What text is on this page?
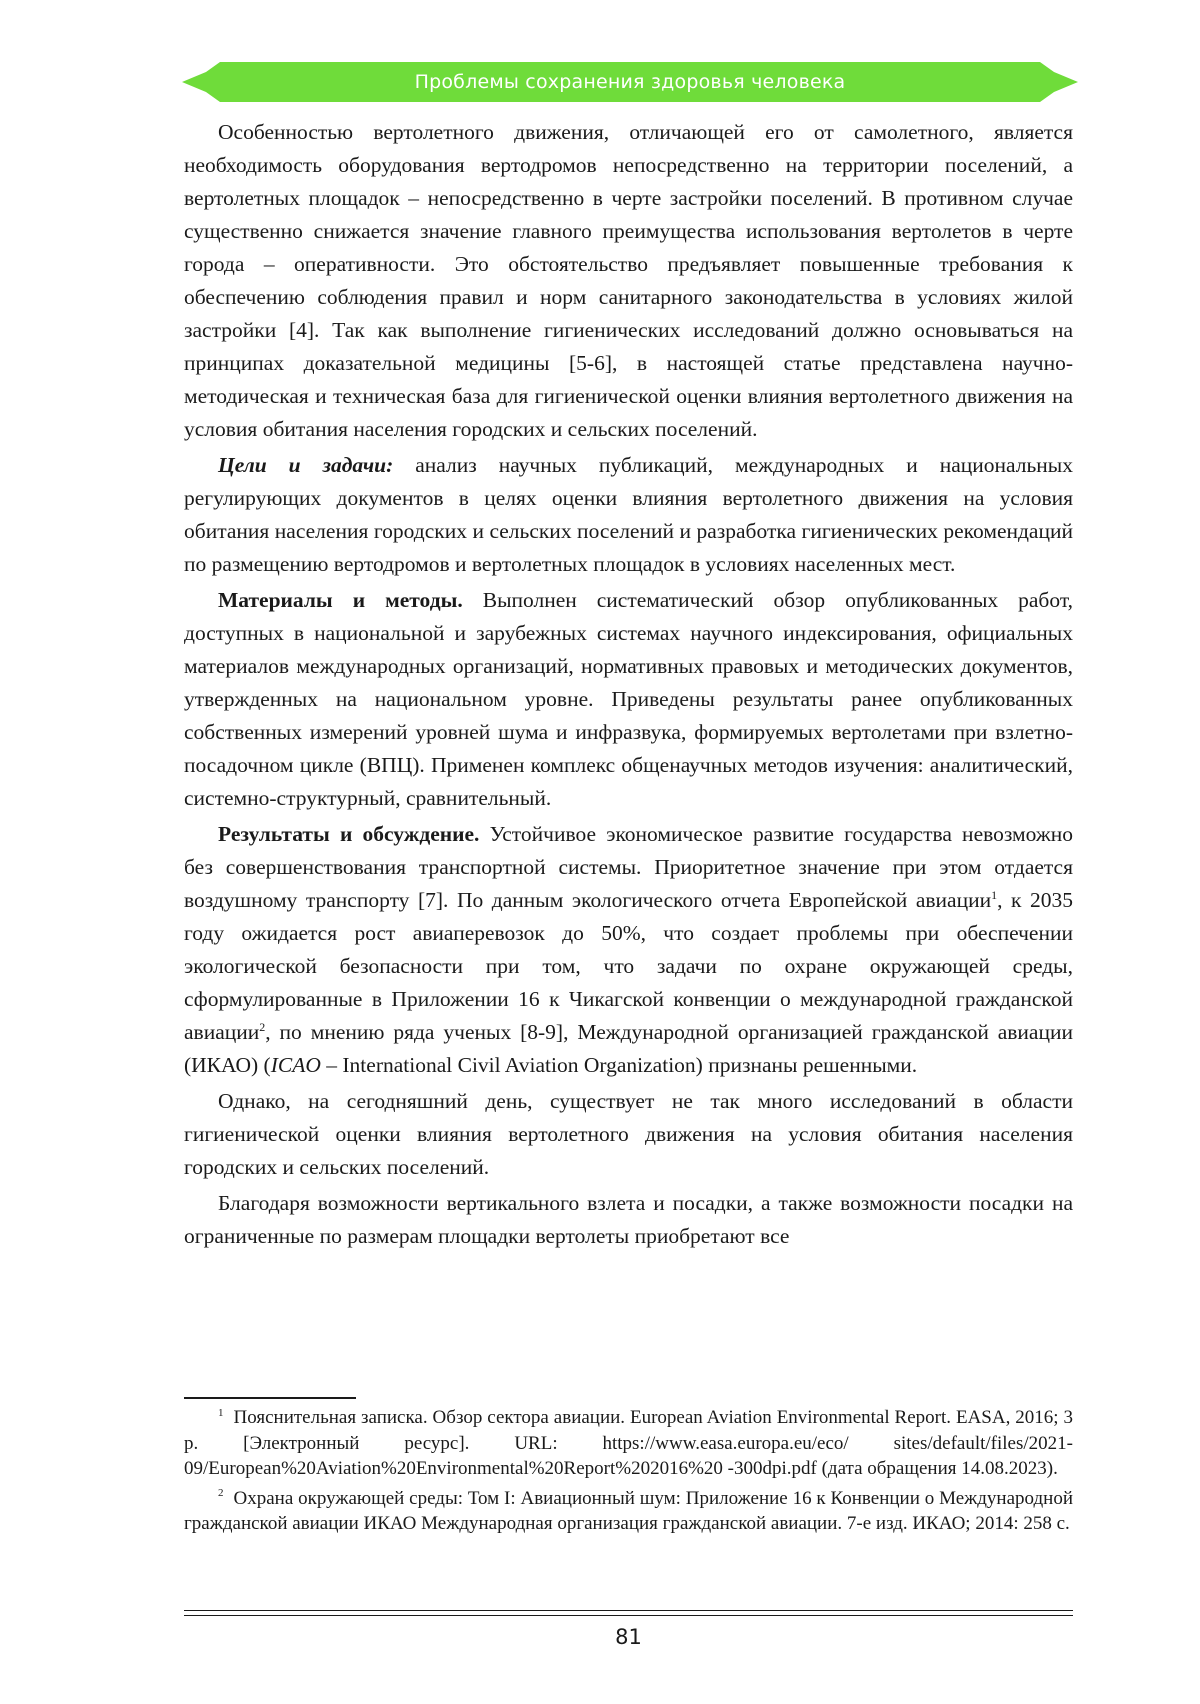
Проблемы сохранения здоровья человека

Особенностью вертолетного движения, отличающей его от самолетного, является необходимость оборудования вертодромов непосредственно на территории поселений, а вертолетных площадок – непосредственно в черте застройки поселений. В противном случае существенно снижается значение главного преимущества использования вертолетов в черте города – оперативности. Это обстоятельство предъявляет повышенные требования к обеспечению соблюдения правил и норм санитарного законодательства в условиях жилой застройки [4]. Так как выполнение гигиенических исследований должно основываться на принципах доказательной медицины [5-6], в настоящей статье представлена научно-методическая и техническая база для гигиенической оценки влияния вертолетного движения на условия обитания населения городских и сельских поселений.

Цели и задачи: анализ научных публикаций, международных и национальных регулирующих документов в целях оценки влияния вертолетного движения на условия обитания населения городских и сельских поселений и разработка гигиенических рекомендаций по размещению вертодромов и вертолетных площадок в условиях населенных мест.

Материалы и методы. Выполнен систематический обзор опубликованных работ, доступных в национальной и зарубежных системах научного индексирования, официальных материалов международных организаций, нормативных правовых и методических документов, утвержденных на национальном уровне. Приведены результаты ранее опубликованных собственных измерений уровней шума и инфразвука, формируемых вертолетами при взлетно-посадочном цикле (ВПЦ). Применен комплекс общенаучных методов изучения: аналитический, системно-структурный, сравнительный.

Результаты и обсуждение. Устойчивое экономическое развитие государства невозможно без совершенствования транспортной системы. Приоритетное значение при этом отдается воздушному транспорту [7]. По данным экологического отчета Европейской авиации$^1$, к 2035 году ожидается рост авиаперевозок до 50%, что создает проблемы при обеспечении экологической безопасности при том, что задачи по охране окружающей среды, сформулированные в Приложении 16 к Чикагской конвенции о международной гражданской авиации$^2$, по мнению ряда ученых [8-9], Международной организацией гражданской авиации (ИКАО) (ICAO – International Civil Aviation Organization) признаны решенными.

Однако, на сегодняшний день, существует не так много исследований в области гигиенической оценки влияния вертолетного движения на условия обитания населения городских и сельских поселений.

Благодаря возможности вертикального взлета и посадки, а также возможности посадки на ограниченные по размерам площадки вертолеты приобретают все

$^1$ Пояснительная записка. Обзор сектора авиации. European Aviation Environmental Report. EASA, 2016; 3 p. [Электронный ресурс]. URL: https://www.easa.europa.eu/eco/ sites/default/files/2021-09/European%20Aviation%20Environmental%20Report%202016%20 -300dpi.pdf (дата обращения 14.08.2023).

$^2$ Охрана окружающей среды: Том I: Авиационный шум: Приложение 16 к Конвенции о Международной гражданской авиации ИКАО Международная организация гражданской авиации. 7-е изд. ИКАО; 2014: 258 с.

81
